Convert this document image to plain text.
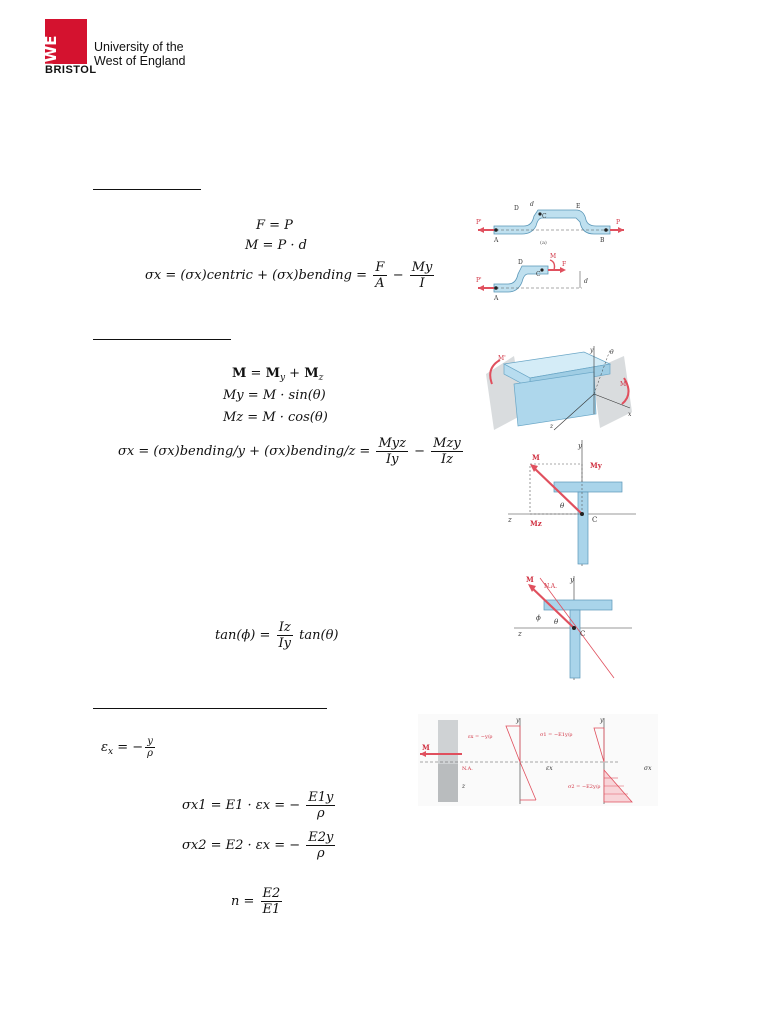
UWE
BRISTOL
University of the
West of England
F = P
M = P · d
σx = (σx)centric + (σx)bending = $\frac{F}{A} - \frac{My}{I}$
P'
D
d
C
E
P
A	(a)	B
P'
D
C
M
F
d
A
$M = M_y + M_z$
My = M · sin(θ)
Mz = M · cos(θ)
σx = (σx)bending/y + (σx)bending/z = $\frac{\text{Myz}}{Iy} - \frac{\text{Mzy}}{Iz}$
$\tan(\phi) = \frac{Iz}{Iy} \tan(\theta)$
M'
y	θ
M
x
z
y
M
My
θ
z	Mz	C
M	y
N.A.
ϕ θ
z	C
$\varepsilon_x$ = − $\frac{y}{\rho}$
σx1 = E1 · εx = − $\frac{E1y}{\rho}$
σx2 = E2 · εx = − $\frac{E2y}{\rho}$
$n = \frac{E2}{E1}$
M
y
εx = −y/ρ
N.A.
z
y
σ1 = −E1y/ρ
σ2 = −E2y/ρ
σx
εx
